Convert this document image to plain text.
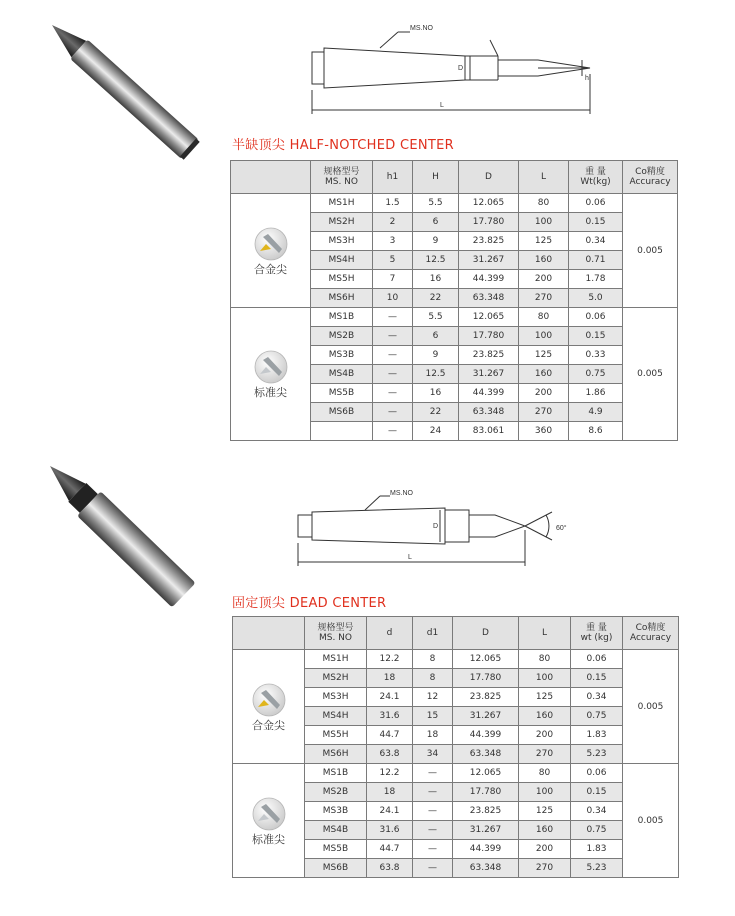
MS.NO
D
h
L
半缺顶尖 HALF-NOTCHED CENTER

	规格型号
MS. NO	h1	H	D	L	重 量
Wt(kg)	Co精度
Accuracy

合金尖	MS1H	1.5	5.5	12.065	80	0.06	0.005
	MS2H	2	6	17.780	100	0.15	
	MS3H	3	9	23.825	125	0.34	
	MS4H	5	12.5	31.267	160	0.71	
	MS5H	7	16	44.399	200	1.78	
	MS6H	10	22	63.348	270	5.0	

标准尖	MS1B	—	5.5	12.065	80	0.06	0.005
	MS2B	—	6	17.780	100	0.15	
	MS3B	—	9	23.825	125	0.33	
	MS4B	—	12.5	31.267	160	0.75	
	MS5B	—	16	44.399	200	1.86	
	MS6B	—	22	63.348	270	4.9	
		—	24	83.061	360	8.6	
MS.NO
D	60°
L
固定顶尖 DEAD CENTER

	规格型号
MS. NO	d	d1	D	L	重 量
wt (kg)	Co精度
Accuracy

合金尖	MS1H	12.2	8	12.065	80	0.06	0.005
	MS2H	18	8	17.780	100	0.15	
	MS3H	24.1	12	23.825	125	0.34	
	MS4H	31.6	15	31.267	160	0.75	
	MS5H	44.7	18	44.399	200	1.83	
	MS6H	63.8	34	63.348	270	5.23	

标准尖	MS1B	12.2	—	12.065	80	0.06	0.005
	MS2B	18	—	17.780	100	0.15	
	MS3B	24.1	—	23.825	125	0.34	
	MS4B	31.6	—	31.267	160	0.75	
	MS5B	44.7	—	44.399	200	1.83	
	MS6B	63.8	—	63.348	270	5.23	
